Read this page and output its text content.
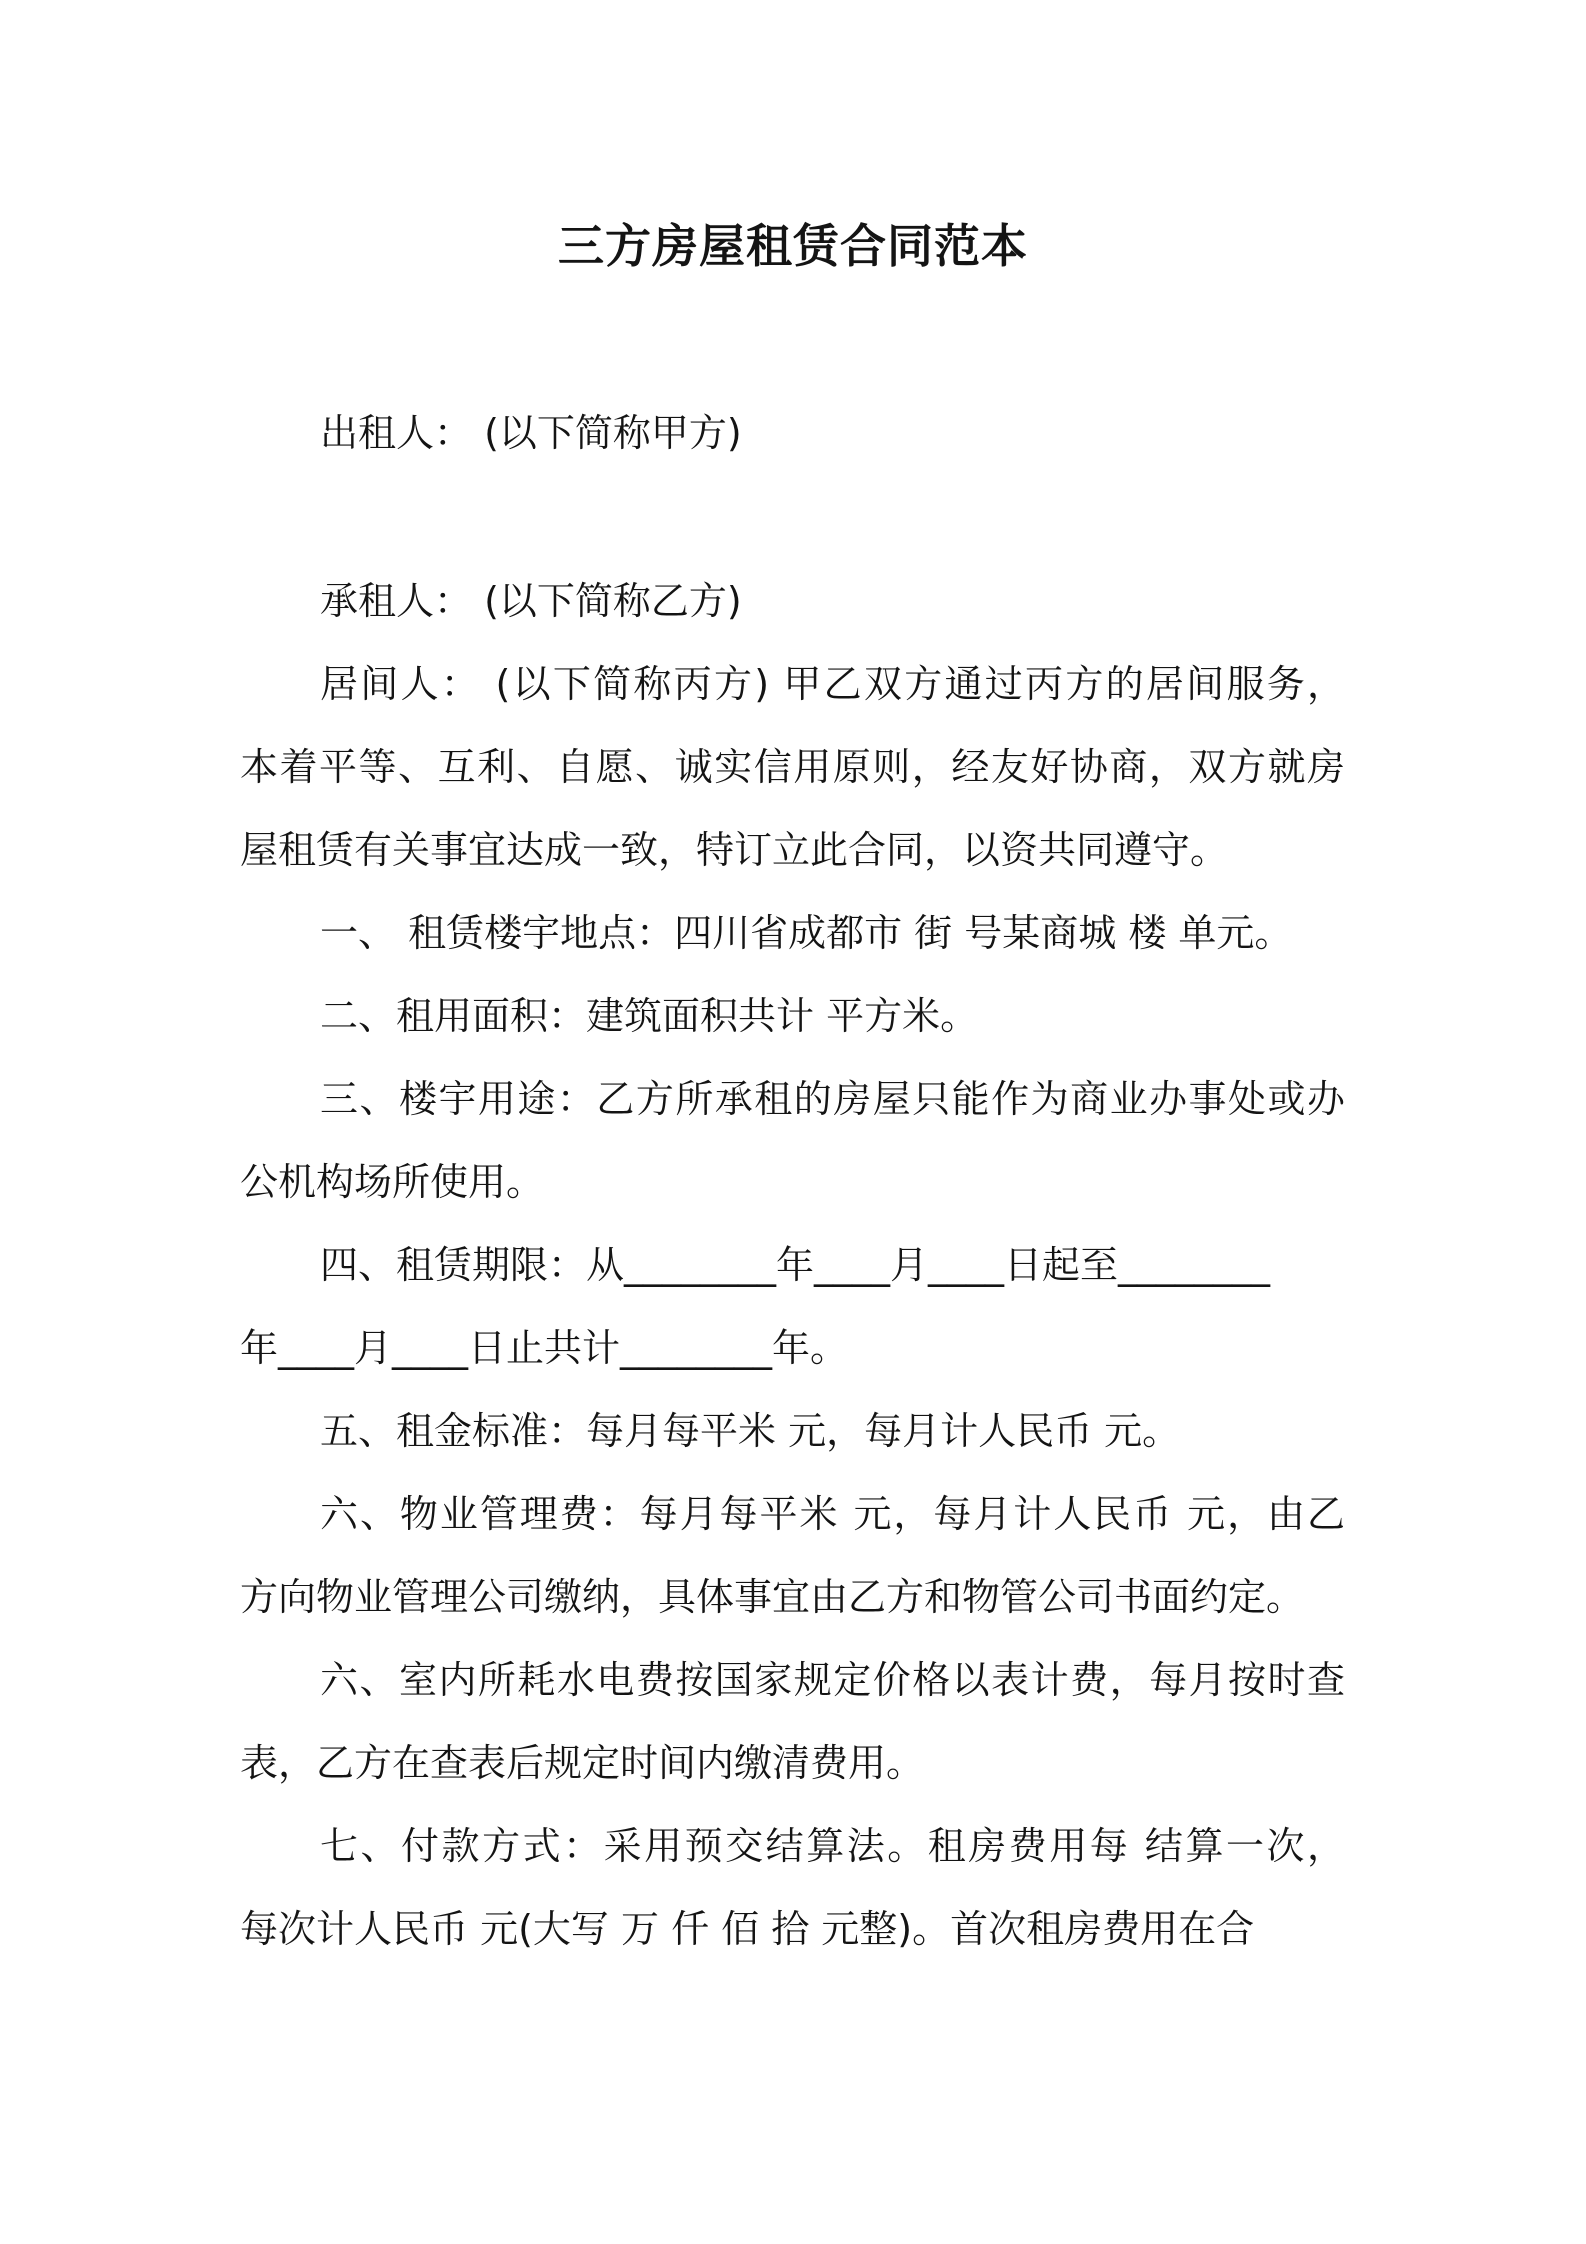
三方房屋租赁合同范本
出租人： (以下简称甲方)
承租人： (以下简称乙方)
居间人： (以下简称丙方) 甲乙双方通过丙方的居间服务，
本着平等、互利、自愿、诚实信用原则，经友好协商，双方就房
屋租赁有关事宜达成一致，特订立此合同，以资共同遵守。
一、 租赁楼宇地点：四川省成都市 街 号某商城 楼 单元。
二、租用面积：建筑面积共计 平方米。
三、楼宇用途：乙方所承租的房屋只能作为商业办事处或办
公机构场所使用。
四、租赁期限：从________年____月____日起至________
年____月____日止共计________年。
五、租金标准：每月每平米 元，每月计人民币 元。
六、物业管理费：每月每平米 元，每月计人民币 元，由乙
方向物业管理公司缴纳，具体事宜由乙方和物管公司书面约定。
六、室内所耗水电费按国家规定价格以表计费，每月按时查
表，乙方在查表后规定时间内缴清费用。
七、付款方式：采用预交结算法。租房费用每 结算一次，
每次计人民币 元(大写 万 仟 佰 拾 元整)。首次租房费用在合
